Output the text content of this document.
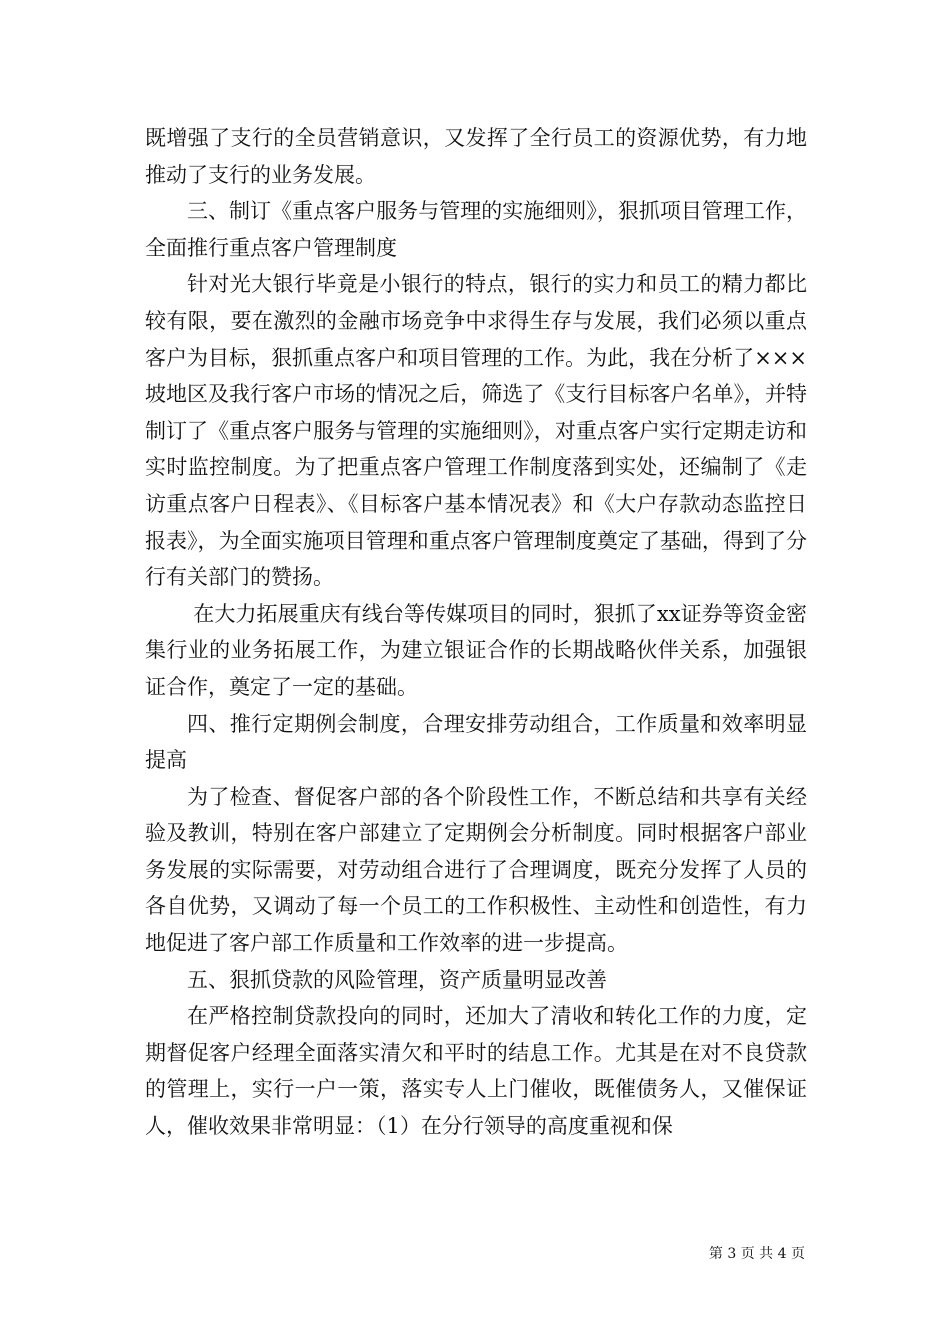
既增强了支行的全员营销意识，又发挥了全行员工的资源优势，有力地推动了支行的业务发展。

三、制订《重点客户服务与管理的实施细则》，狠抓项目管理工作，全面推行重点客户管理制度

针对光大银行毕竟是小银行的特点，银行的实力和员工的精力都比较有限，要在激烈的金融市场竞争中求得生存与发展，我们必须以重点客户为目标，狠抓重点客户和项目管理的工作。为此，我在分析了×××坡地区及我行客户市场的情况之后，筛选了《支行目标客户名单》，并特制订了《重点客户服务与管理的实施细则》，对重点客户实行定期走访和实时监控制度。为了把重点客户管理工作制度落到实处，还编制了《走访重点客户日程表》、《目标客户基本情况表》和《大户存款动态监控日报表》，为全面实施项目管理和重点客户管理制度奠定了基础，得到了分行有关部门的赞扬。

在大力拓展重庆有线台等传媒项目的同时，狠抓了xx证券等资金密集行业的业务拓展工作，为建立银证合作的长期战略伙伴关系，加强银证合作，奠定了一定的基础。

四、推行定期例会制度，合理安排劳动组合，工作质量和效率明显提高

为了检查、督促客户部的各个阶段性工作，不断总结和共享有关经验及教训，特别在客户部建立了定期例会分析制度。同时根据客户部业务发展的实际需要，对劳动组合进行了合理调度，既充分发挥了人员的各自优势，又调动了每一个员工的工作积极性、主动性和创造性，有力地促进了客户部工作质量和工作效率的进一步提高。

五、狠抓贷款的风险管理，资产质量明显改善

在严格控制贷款投向的同时，还加大了清收和转化工作的力度，定期督促客户经理全面落实清欠和平时的结息工作。尤其是在对不良贷款的管理上，实行一户一策，落实专人上门催收，既催债务人，又催保证人，催收效果非常明显：（1）在分行领导的高度重视和保

第 3 页 共 4 页
